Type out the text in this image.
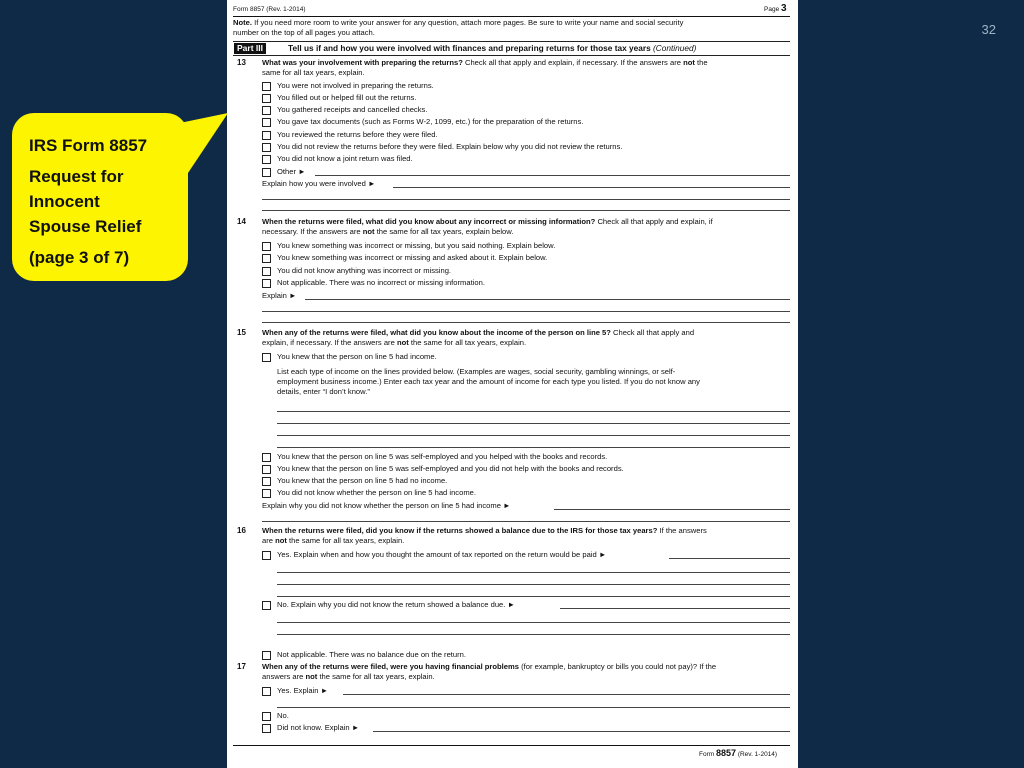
32
IRS Form 8857
Request for
Innocent
Spouse Relief
(page 3 of 7)
Form 8857 (Rev. 1-2014)	Page 3
Note. If you need more room to write your answer for any question, attach more pages. Be sure to write your name and social security
number on the top of all pages you attach.
Part III	Tell us if and how you were involved with finances and preparing returns for those tax years (Continued)
13 What was your involvement with preparing the returns? Check all that apply and explain, if necessary. If the answers are not the
same for all tax years, explain.
You were not involved in preparing the returns.
You filled out or helped fill out the returns.
You gathered receipts and cancelled checks.
You gave tax documents (such as Forms W-2, 1099, etc.) for the preparation of the returns.
You reviewed the returns before they were filed.
You did not review the returns before they were filed. Explain below why you did not review the returns.
You did not know a joint return was filed.
Other ►
Explain how you were involved ►
14 When the returns were filed, what did you know about any incorrect or missing information? Check all that apply and explain, if
necessary. If the answers are not the same for all tax years, explain below.
You knew something was incorrect or missing, but you said nothing. Explain below.
You knew something was incorrect or missing and asked about it. Explain below.
You did not know anything was incorrect or missing.
Not applicable. There was no incorrect or missing information.
Explain ►
15 When any of the returns were filed, what did you know about the income of the person on line 5? Check all that apply and
explain, if necessary. If the answers are not the same for all tax years, explain.
You knew that the person on line 5 had income.
List each type of income on the lines provided below. (Examples are wages, social security, gambling winnings, or self-
employment business income.) Enter each tax year and the amount of income for each type you listed. If you do not know any
details, enter “I don’t know.”
You knew that the person on line 5 was self-employed and you helped with the books and records.
You knew that the person on line 5 was self-employed and you did not help with the books and records.
You knew that the person on line 5 had no income.
You did not know whether the person on line 5 had income.
Explain why you did not know whether the person on line 5 had income ►
16 When the returns were filed, did you know if the returns showed a balance due to the IRS for those tax years? If the answers
are not the same for all tax years, explain.
Yes. Explain when and how you thought the amount of tax reported on the return would be paid ►
No. Explain why you did not know the return showed a balance due. ►
Not applicable. There was no balance due on the return.
17 When any of the returns were filed, were you having financial problems (for example, bankruptcy or bills you could not pay)? If the
answers are not the same for all tax years, explain.
Yes. Explain ►
No.
Did not know. Explain ►
Form 8857 (Rev. 1-2014)
